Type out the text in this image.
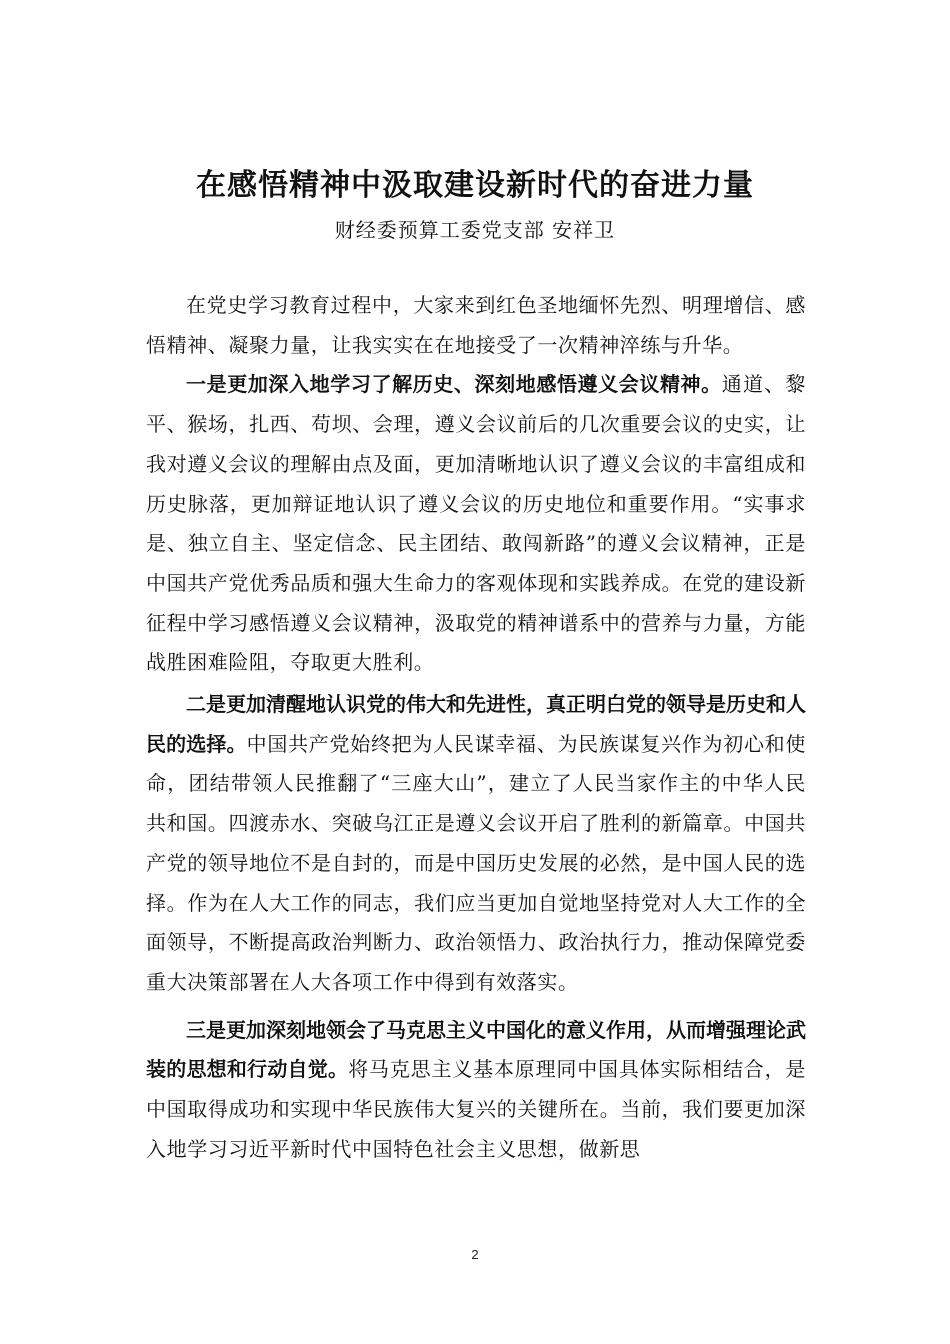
在感悟精神中汲取建设新时代的奋进力量
财经委预算工委党支部 安祥卫

在党史学习教育过程中，大家来到红色圣地缅怀先烈、明理增信、感悟精神、凝聚力量，让我实实在在地接受了一次精神淬练与升华。

一是更加深入地学习了解历史、深刻地感悟遵义会议精神。通道、黎平、猴场，扎西、苟坝、会理，遵义会议前后的几次重要会议的史实，让我对遵义会议的理解由点及面，更加清晰地认识了遵义会议的丰富组成和历史脉落，更加辩证地认识了遵义会议的历史地位和重要作用。“实事求是、独立自主、坚定信念、民主团结、敢闯新路”的遵义会议精神，正是中国共产党优秀品质和强大生命力的客观体现和实践养成。在党的建设新征程中学习感悟遵义会议精神，汲取党的精神谱系中的营养与力量，方能战胜困难险阻，夺取更大胜利。

二是更加清醒地认识党的伟大和先进性，真正明白党的领导是历史和人民的选择。中国共产党始终把为人民谋幸福、为民族谋复兴作为初心和使命，团结带领人民推翻了“三座大山”，建立了人民当家作主的中华人民共和国。四渡赤水、突破乌江正是遵义会议开启了胜利的新篇章。中国共产党的领导地位不是自封的，而是中国历史发展的必然，是中国人民的选择。作为在人大工作的同志，我们应当更加自觉地坚持党对人大工作的全面领导，不断提高政治判断力、政治领悟力、政治执行力，推动保障党委重大决策部署在人大各项工作中得到有效落实。

三是更加深刻地领会了马克思主义中国化的意义作用，从而增强理论武装的思想和行动自觉。将马克思主义基本原理同中国具体实际相结合，是中国取得成功和实现中华民族伟大复兴的关键所在。当前，我们要更加深入地学习习近平新时代中国特色社会主义思想，做新思

2
